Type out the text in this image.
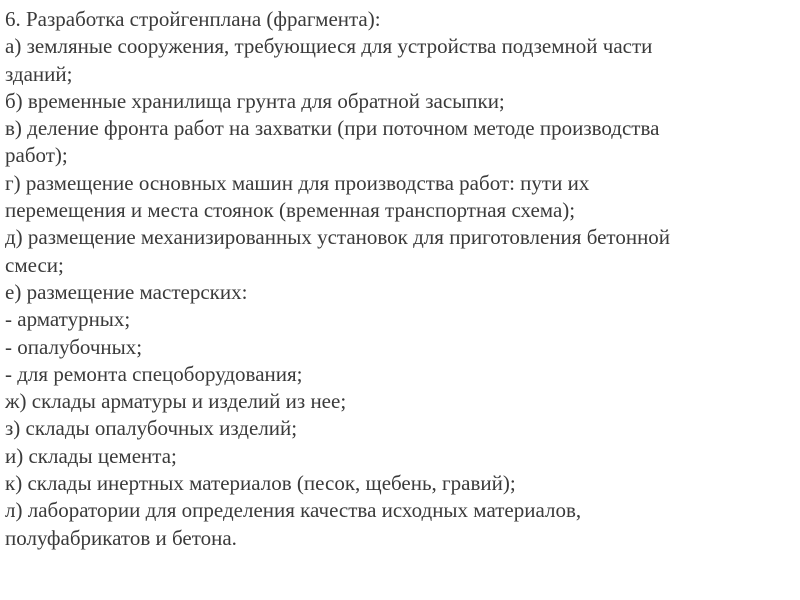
6. Разработка стройгенплана (фрагмента):
а) земляные сооружения, требующиеся для устройства подземной части
зданий;
б) временные хранилища грунта для обратной засыпки;
в) деление фронта работ на захватки (при поточном методе производства
работ);
г) размещение основных машин для производства работ: пути их
перемещения и места стоянок (временная транспортная схема);
д) размещение механизированных установок для приготовления бетонной
смеси;
е) размещение мастерских:
- арматурных;
- опалубочных;
- для ремонта спецоборудования;
ж) склады арматуры и изделий из нее;
з) склады опалубочных изделий;
и) склады цемента;
к) склады инертных материалов (песок, щебень, гравий);
л) лаборатории для определения качества исходных материалов,
полуфабрикатов и бетона.
